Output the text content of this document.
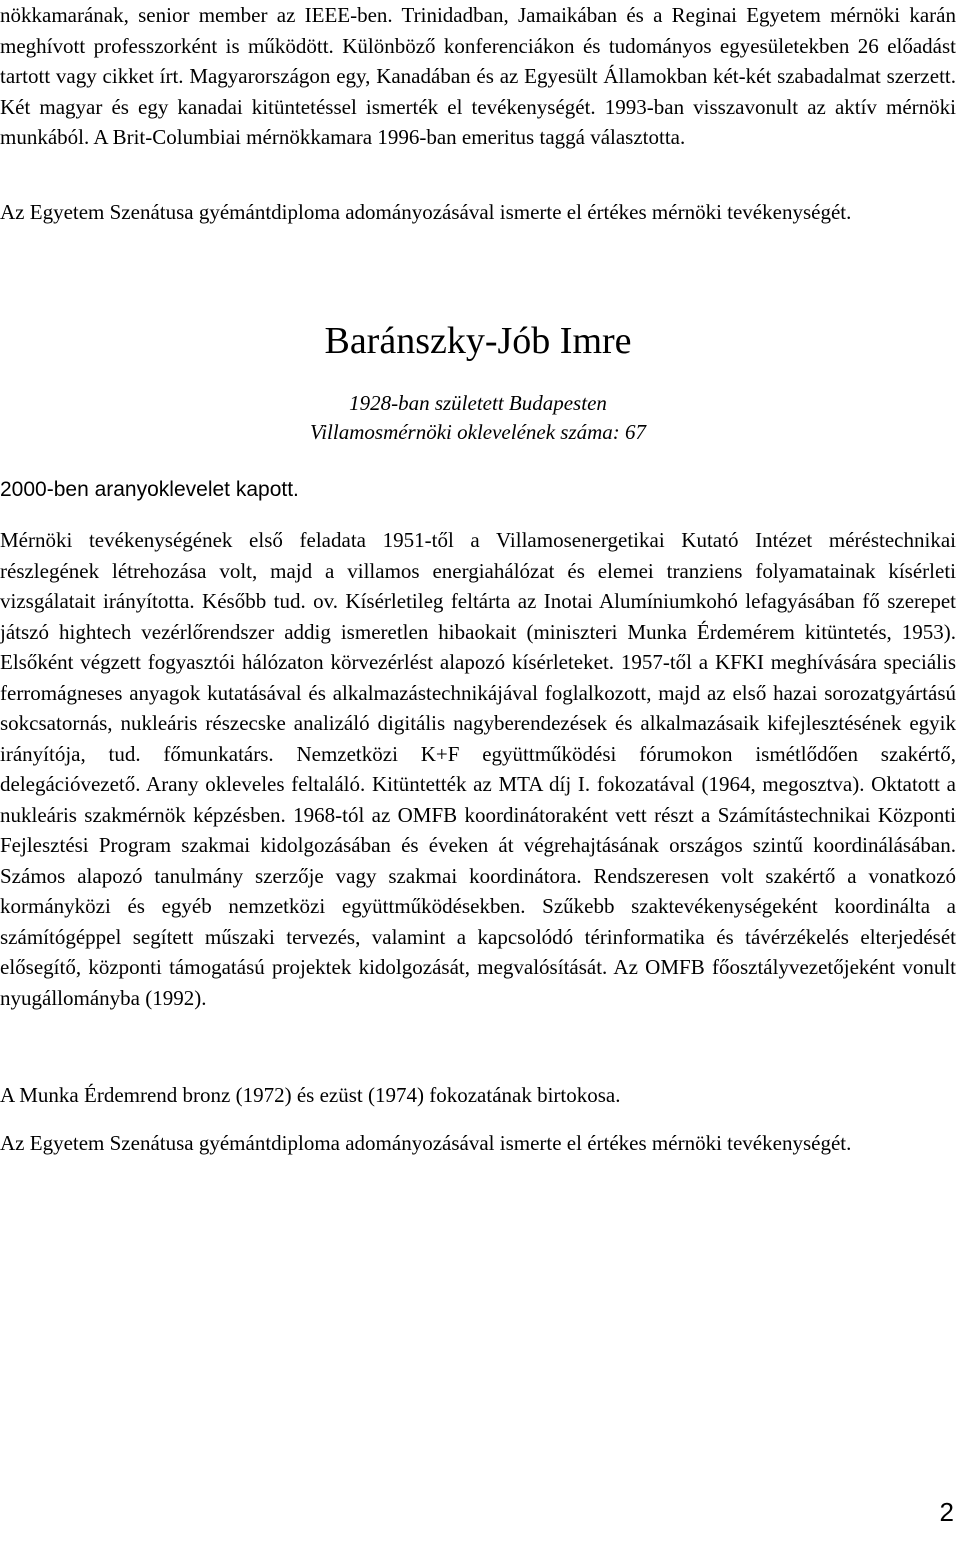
nökkamarának, senior member az IEEE-ben. Trinidadban, Jamaikában és a Reginai Egyetem mérnöki karán meghívott professzorként is működött. Különböző konferenciákon és tudományos egyesületekben 26 előadást tartott vagy cikket írt. Magyarországon egy, Kanadában és az Egyesült Államokban két-két szabadalmat szerzett. Két magyar és egy kanadai kitüntetéssel ismerték el tevékenységét. 1993-ban visszavonult az aktív mérnöki munkából. A Brit-Columbiai mérnökkamara 1996-ban emeritus taggá választotta.

Az Egyetem Szenátusa gyémántdiploma adományozásával ismerte el értékes mérnöki tevékenységét.

Baránszky-Jób Imre

1928-ban született Budapesten

Villamosmérnöki oklevelének száma: 67

2000-ben aranyoklevelet kapott.

Mérnöki tevékenységének első feladata 1951-től a Villamosenergetikai Kutató Intézet méréstechnikai részlegének létrehozása volt, majd a villamos energiahálózat és elemei tranziens folyamatainak kísérleti vizsgálatait irányította. Később tud. ov. Kísérletileg feltárta az Inotai Alumíniumkohó lefagyásában fő szerepet játszó hightech vezérlőrendszer addig ismeretlen hibaokait (miniszteri Munka Érdemérem kitüntetés, 1953). Elsőként végzett fogyasztói hálózaton körvezérlést alapozó kísérleteket. 1957-től a KFKI meghívására speciális ferromágneses anyagok kutatásával és alkalmazástechnikájával foglalkozott, majd az első hazai sorozatgyártású sokcsatornás, nukleáris részecske analizáló digitális nagyberendezések és alkalmazásaik kifejlesztésének egyik irányítója, tud. főmunkatárs. Nemzetközi K+F együttműködési fórumokon ismétlődően szakértő, delegációvezető. Arany okleveles feltaláló. Kitüntették az MTA díj I. fokozatával (1964, megosztva). Oktatott a nukleáris szakmérnök képzésben. 1968-tól az OMFB koordinátoraként vett részt a Számítástechnikai Központi Fejlesztési Program szakmai kidolgozásában és éveken át végrehajtásának országos szintű koordinálásában. Számos alapozó tanulmány szerzője vagy szakmai koordinátora. Rendszeresen volt szakértő a vonatkozó kormányközi és egyéb nemzetközi együttműködésekben. Szűkebb szaktevékenységeként koordinálta a számítógéppel segített műszaki tervezés, valamint a kapcsolódó térinformatika és távérzékelés elterjedését elősegítő, központi támogatású projektek kidolgozását, megvalósítását. Az OMFB főosztályvezetőjeként vonult nyugállományba (1992).

A Munka Érdemrend bronz (1972) és ezüst (1974) fokozatának birtokosa.

Az Egyetem Szenátusa gyémántdiploma adományozásával ismerte el értékes mérnöki tevékenységét.

2
